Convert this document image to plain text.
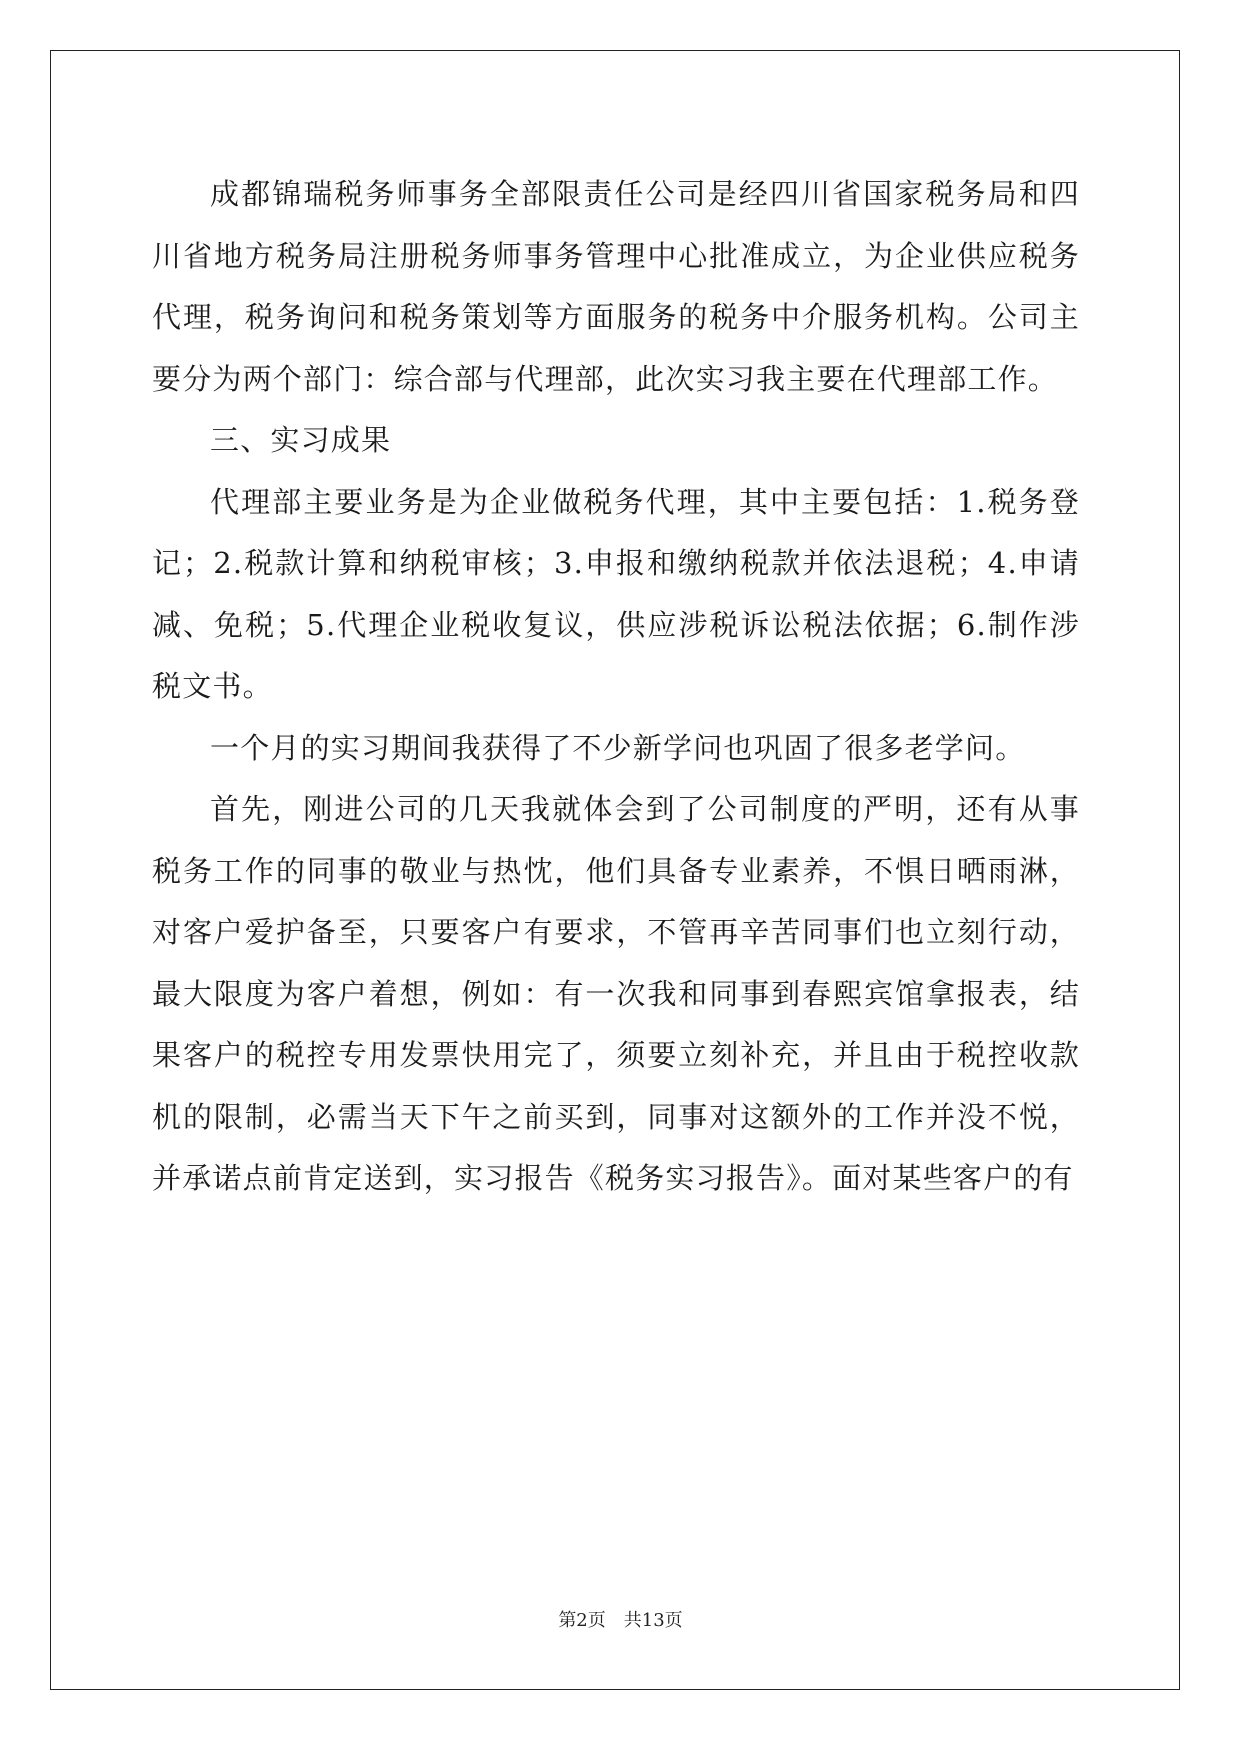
成都锦瑞税务师事务全部限责任公司是经四川省国家税务局和四川省地方税务局注册税务师事务管理中心批准成立，为企业供应税务代理，税务询问和税务策划等方面服务的税务中介服务机构。公司主要分为两个部门：综合部与代理部，此次实习我主要在代理部工作。

三、实习成果

代理部主要业务是为企业做税务代理，其中主要包括：1.税务登记；2.税款计算和纳税审核；3.申报和缴纳税款并依法退税；4.申请减、免税；5.代理企业税收复议，供应涉税诉讼税法依据；6.制作涉税文书。

一个月的实习期间我获得了不少新学问也巩固了很多老学问。

首先，刚进公司的几天我就体会到了公司制度的严明，还有从事税务工作的同事的敬业与热忱，他们具备专业素养，不惧日晒雨淋，对客户爱护备至，只要客户有要求，不管再辛苦同事们也立刻行动，最大限度为客户着想，例如：有一次我和同事到春熙宾馆拿报表，结果客户的税控专用发票快用完了，须要立刻补充，并且由于税控收款机的限制，必需当天下午之前买到，同事对这额外的工作并没不悦，并承诺点前肯定送到，实习报告《税务实习报告》。面对某些客户的有

第2页　共13页
